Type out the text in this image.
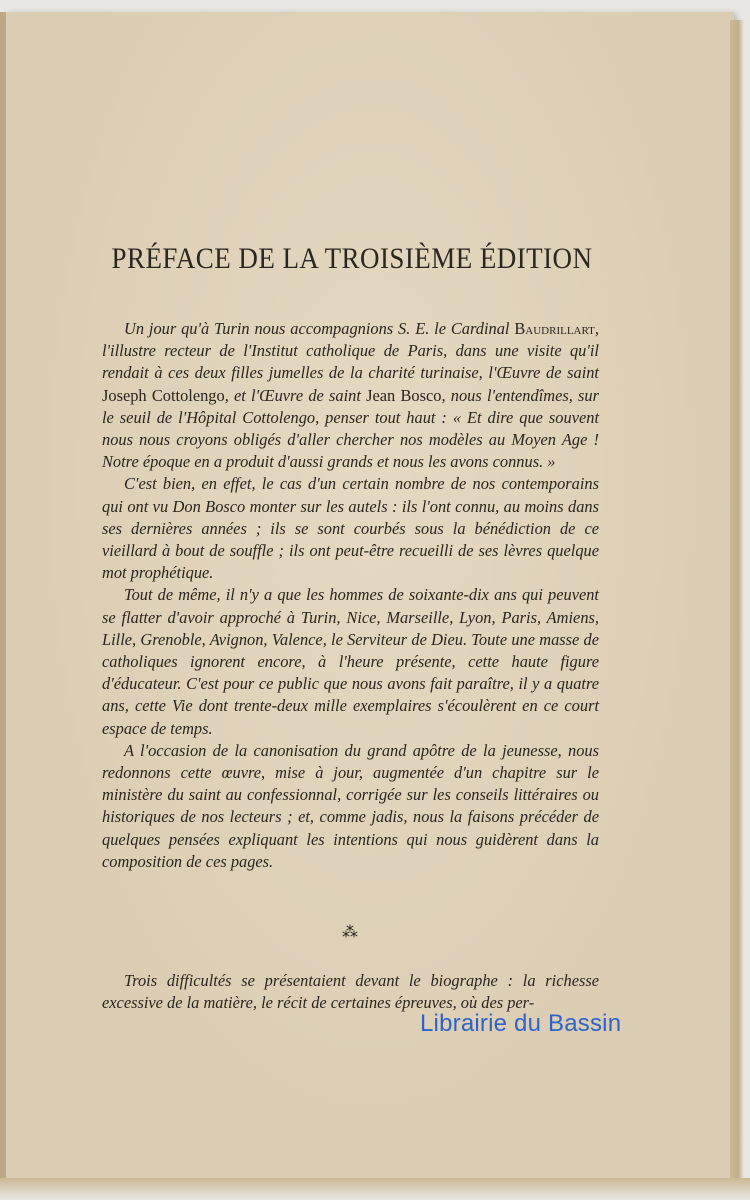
PRÉFACE DE LA TROISIÈME ÉDITION

Un jour qu'à Turin nous accompagnions S. E. le Cardinal Baudrillart, l'illustre recteur de l'Institut catholique de Paris, dans une visite qu'il rendait à ces deux filles jumelles de la charité turinaise, l'Œuvre de saint Joseph Cottolengo, et l'Œuvre de saint Jean Bosco, nous l'entendîmes, sur le seuil de l'Hôpital Cottolengo, penser tout haut : « Et dire que souvent nous nous croyons obligés d'aller chercher nos modèles au Moyen Age ! Notre époque en a produit d'aussi grands et nous les avons connus. »

C'est bien, en effet, le cas d'un certain nombre de nos contemporains qui ont vu Don Bosco monter sur les autels : ils l'ont connu, au moins dans ses dernières années ; ils se sont courbés sous la bénédiction de ce vieillard à bout de souffle ; ils ont peut-être recueilli de ses lèvres quelque mot prophétique.

Tout de même, il n'y a que les hommes de soixante-dix ans qui peuvent se flatter d'avoir approché à Turin, Nice, Marseille, Lyon, Paris, Amiens, Lille, Grenoble, Avignon, Valence, le Serviteur de Dieu. Toute une masse de catholiques ignorent encore, à l'heure présente, cette haute figure d'éducateur. C'est pour ce public que nous avons fait paraître, il y a quatre ans, cette Vie dont trente-deux mille exemplaires s'écoulèrent en ce court espace de temps.

A l'occasion de la canonisation du grand apôtre de la jeunesse, nous redonnons cette œuvre, mise à jour, augmentée d'un chapitre sur le ministère du saint au confessionnal, corrigée sur les conseils littéraires ou historiques de nos lecteurs ; et, comme jadis, nous la faisons précéder de quelques pensées expliquant les intentions qui nous guidèrent dans la composition de ces pages.

⁂

Trois difficultés se présentaient devant le biographe : la richesse excessive de la matière, le récit de certaines épreuves, où des per-

Librairie du Bassin
